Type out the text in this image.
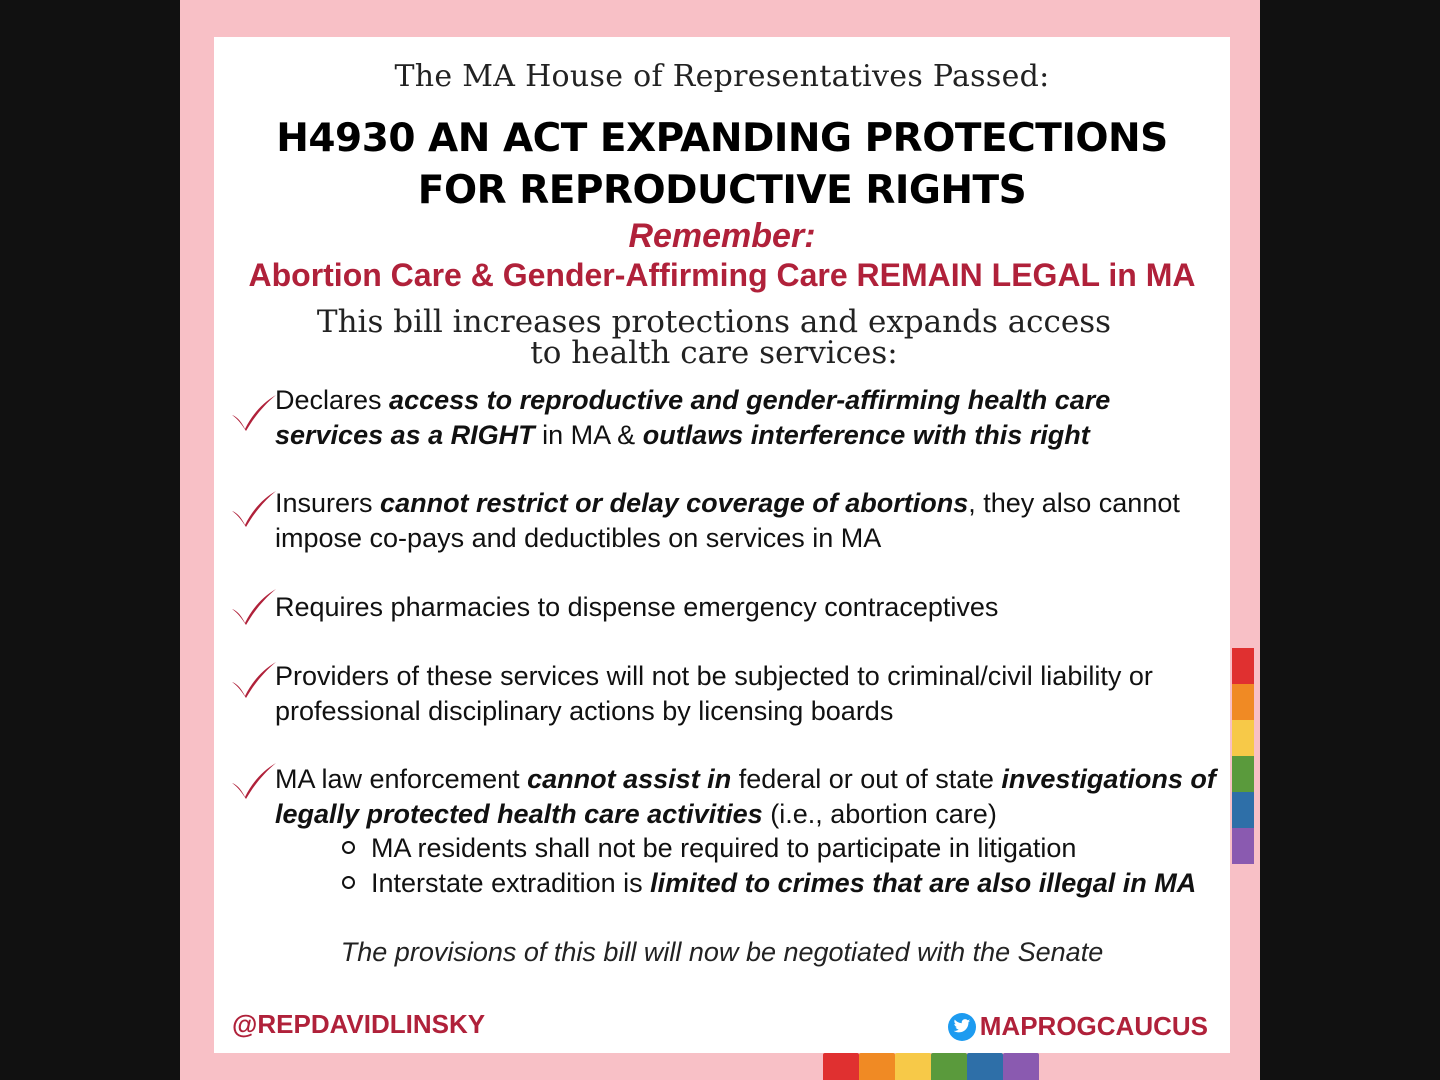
The MA House of Representatives Passed:
H4930 AN ACT EXPANDING PROTECTIONS FOR REPRODUCTIVE RIGHTS
Remember:
Abortion Care & Gender-Affirming Care REMAIN LEGAL in MA
This bill increases protections and expands access
to health care services:
Declares access to reproductive and gender-affirming health care services as a RIGHT in MA & outlaws interference with this right
Insurers cannot restrict or delay coverage of abortions, they also cannot impose co-pays and deductibles on services in MA
Requires pharmacies to dispense emergency contraceptives
Providers of these services will not be subjected to criminal/civil liability or professional disciplinary actions by licensing boards
MA law enforcement cannot assist in federal or out of state investigations of legally protected health care activities (i.e., abortion care)
MA residents shall not be required to participate in litigation
Interstate extradition is limited to crimes that are also illegal in MA
The provisions of this bill will now be negotiated with the Senate
@REPDAVIDLINSKY	MAPROGCAUCUS
